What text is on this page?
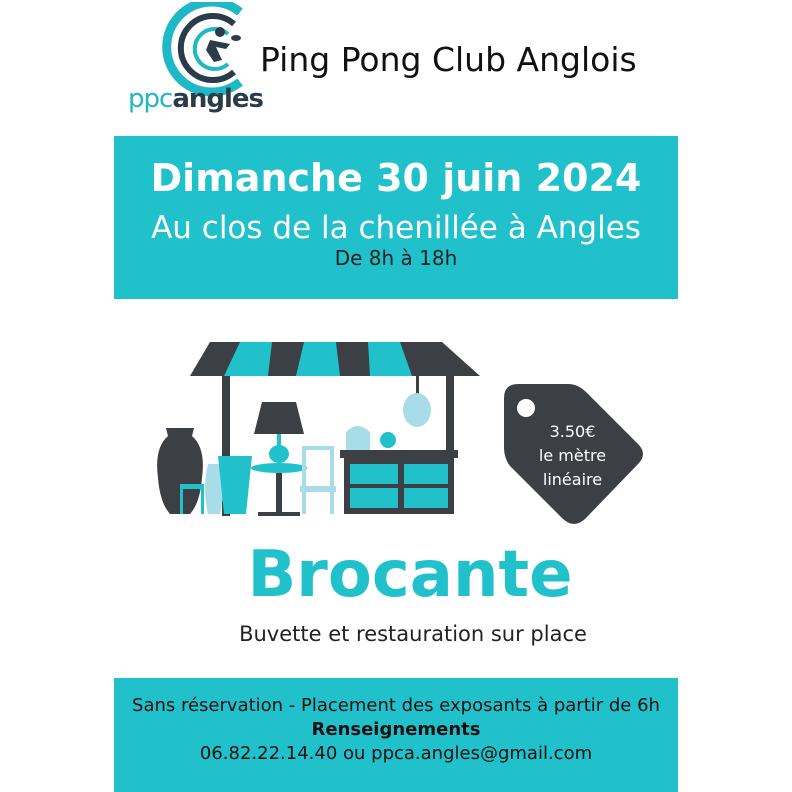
ppcangles
Ping Pong Club Anglois
Dimanche 30 juin 2024
Au clos de la chenillée à Angles
De 8h à 18h
3.50€
le mètre
linéaire
Brocante
Buvette et restauration sur place
Sans réservation - Placement des exposants à partir de 6h
Renseignements
06.82.22.14.40 ou ppca.angles@gmail.com
